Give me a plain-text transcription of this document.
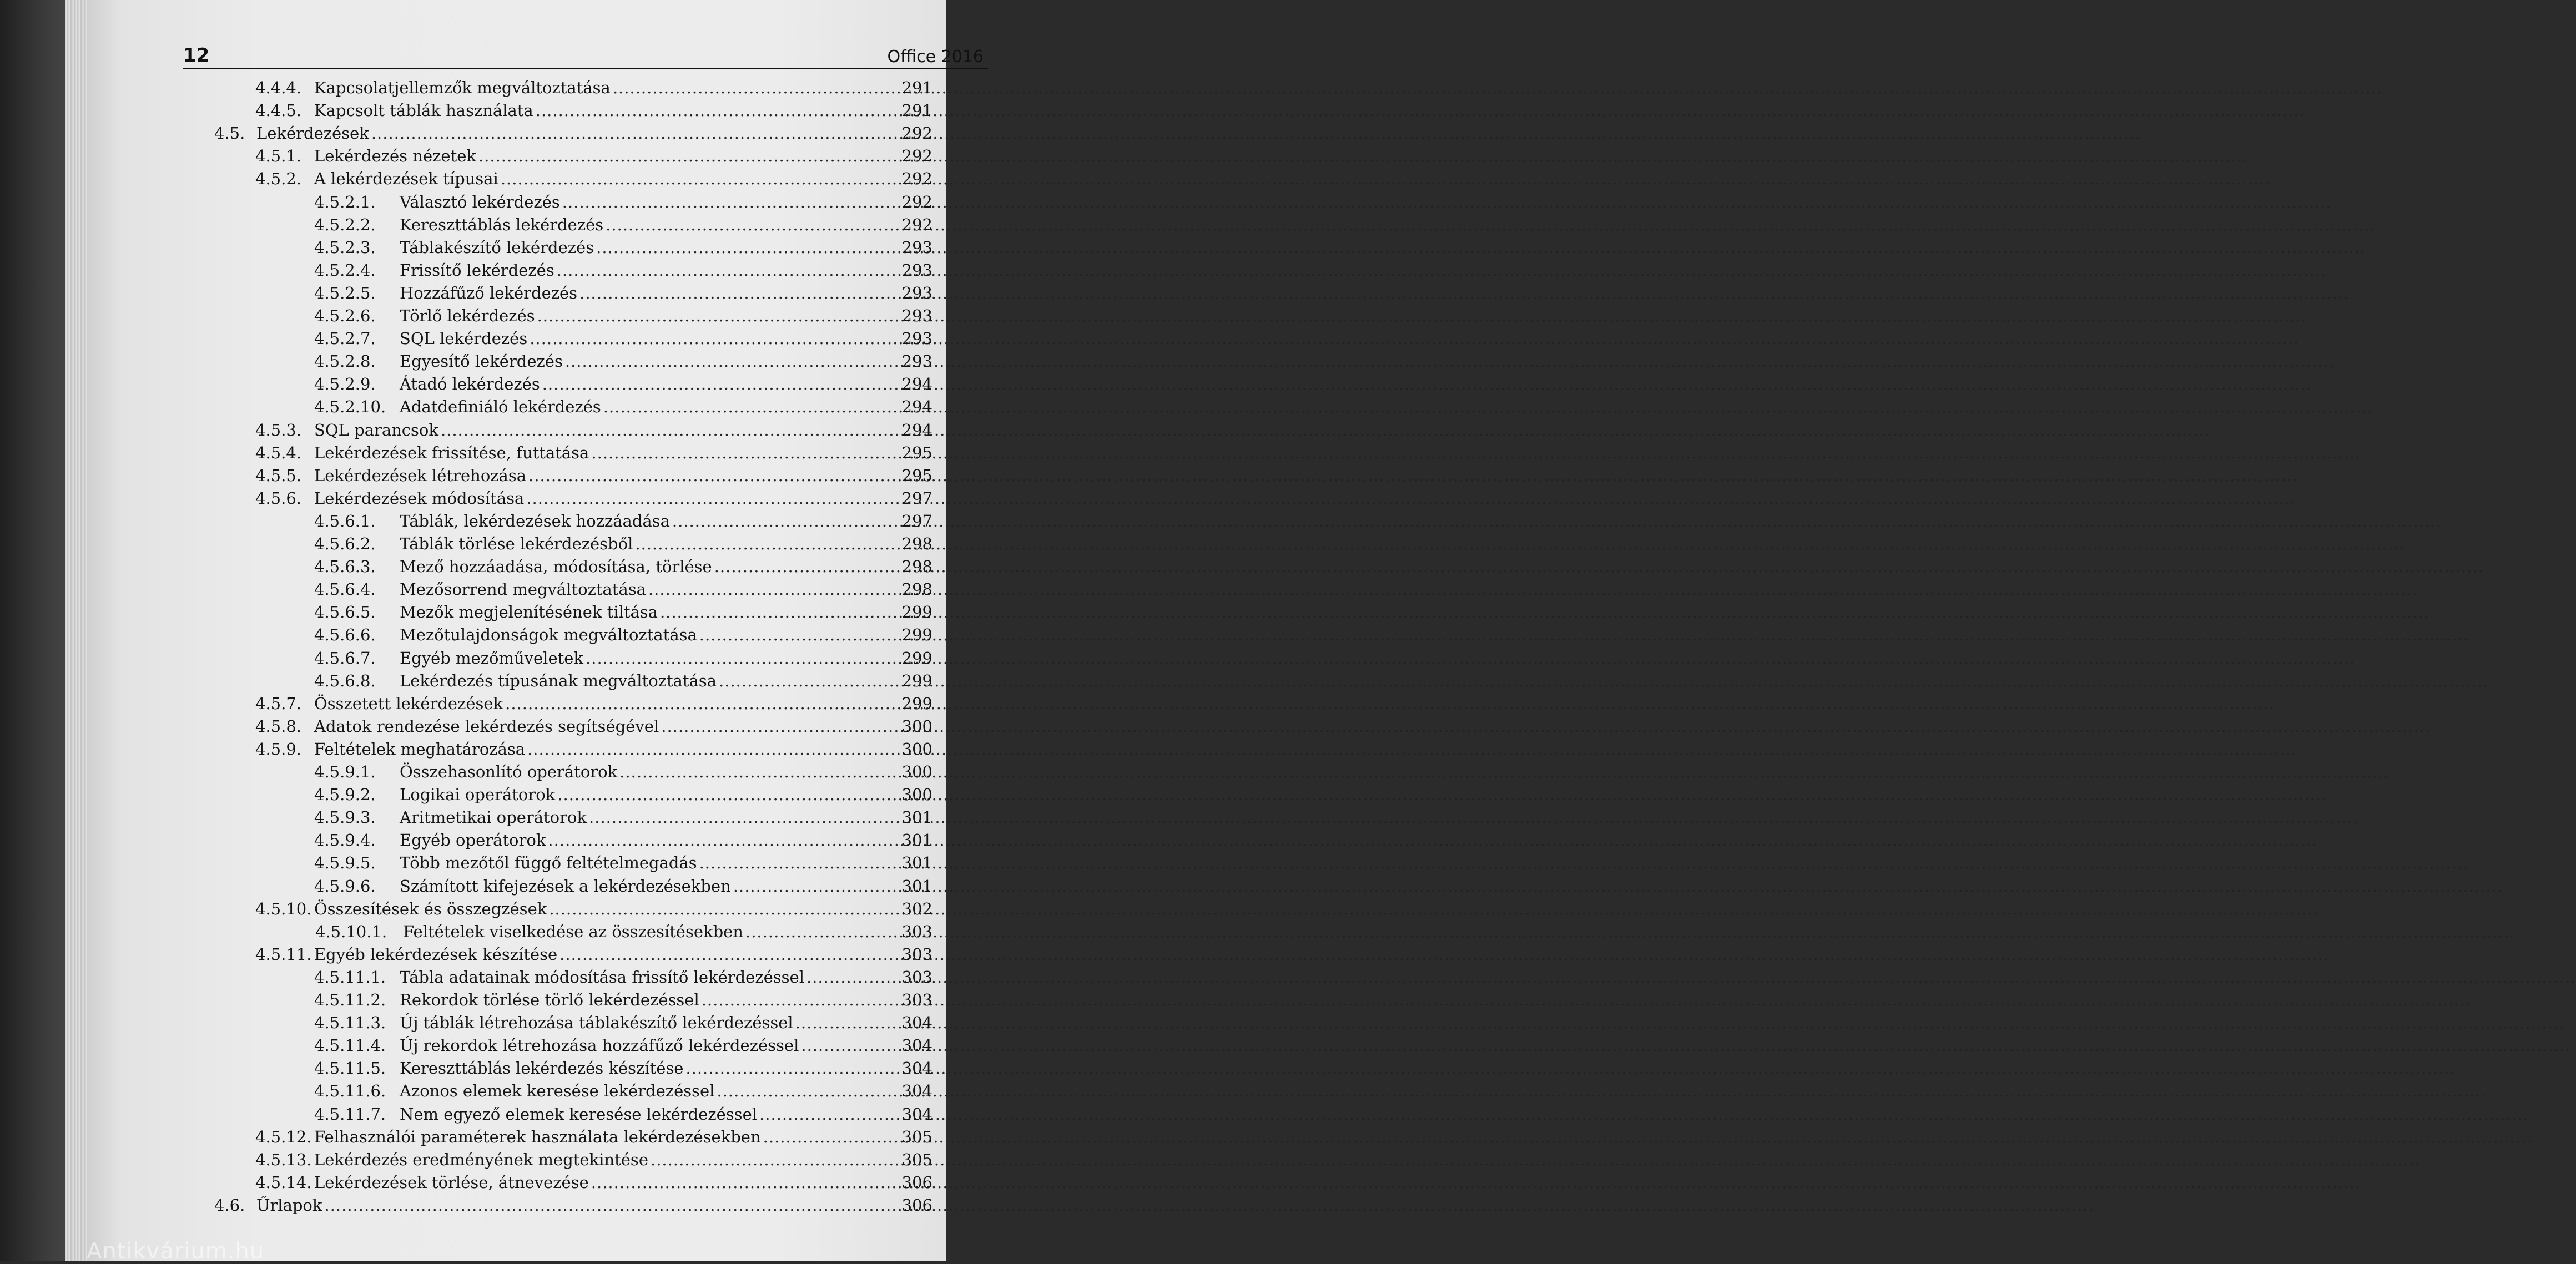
12	Office 2016
4.4.4. Kapcsolatjellemzők megváltoztatása .....	291
4.4.5. Kapcsolt táblák használata .....	291
4.5. Lekérdezések .....	292
4.5.1. Lekérdezés nézetek .....	292
4.5.2. A lekérdezések típusai .....	292
4.5.2.1. Választó lekérdezés .....	292
4.5.2.2. Kereszttáblás lekérdezés .....	292
4.5.2.3. Táblakészítő lekérdezés .....	293
4.5.2.4. Frissítő lekérdezés .....	293
4.5.2.5. Hozzáfűző lekérdezés .....	293
4.5.2.6. Törlő lekérdezés .....	293
4.5.2.7. SQL lekérdezés .....	293
4.5.2.8. Egyesítő lekérdezés .....	293
4.5.2.9. Átadó lekérdezés .....	294
4.5.2.10. Adatdefiniáló lekérdezés .....	294
4.5.3. SQL parancsok .....	294
4.5.4. Lekérdezések frissítése, futtatása .....	295
4.5.5. Lekérdezések létrehozása .....	295
4.5.6. Lekérdezések módosítása .....	297
4.5.6.1. Táblák, lekérdezések hozzáadása .....	297
4.5.6.2. Táblák törlése lekérdezésből .....	298
4.5.6.3. Mező hozzáadása, módosítása, törlése .....	298
4.5.6.4. Mezősorrend megváltoztatása .....	298
4.5.6.5. Mezők megjelenítésének tiltása .....	299
4.5.6.6. Mezőtulajdonságok megváltoztatása .....	299
4.5.6.7. Egyéb mezőműveletek .....	299
4.5.6.8. Lekérdezés típusának megváltoztatása .....	299
4.5.7. Összetett lekérdezések .....	299
4.5.8. Adatok rendezése lekérdezés segítségével .....	300
4.5.9. Feltételek meghatározása .....	300
4.5.9.1. Összehasonlító operátorok .....	300
4.5.9.2. Logikai operátorok .....	300
4.5.9.3. Aritmetikai operátorok .....	301
4.5.9.4. Egyéb operátorok .....	301
4.5.9.5. Több mezőtől függő feltételmegadás .....	301
4.5.9.6. Számított kifejezések a lekérdezésekben .....	301
4.5.10. Összesítések és összegzések .....	302
4.5.10.1. Feltételek viselkedése az összesítésekben .....	303
4.5.11. Egyéb lekérdezések készítése .....	303
4.5.11.1. Tábla adatainak módosítása frissítő lekérdezéssel .....	303
4.5.11.2. Rekordok törlése törlő lekérdezéssel .....	303
4.5.11.3. Új táblák létrehozása táblakészítő lekérdezéssel .....	304
4.5.11.4. Új rekordok létrehozása hozzáfűző lekérdezéssel .....	304
4.5.11.5. Kereszttáblás lekérdezés készítése .....	304
4.5.11.6. Azonos elemek keresése lekérdezéssel .....	304
4.5.11.7. Nem egyező elemek keresése lekérdezéssel .....	304
4.5.12. Felhasználói paraméterek használata lekérdezésekben .....	305
4.5.13. Lekérdezés eredményének megtekintése .....	305
4.5.14. Lekérdezések törlése, átnevezése .....	306
4.6. Űrlapok .....	306
Antikvárium.hu
